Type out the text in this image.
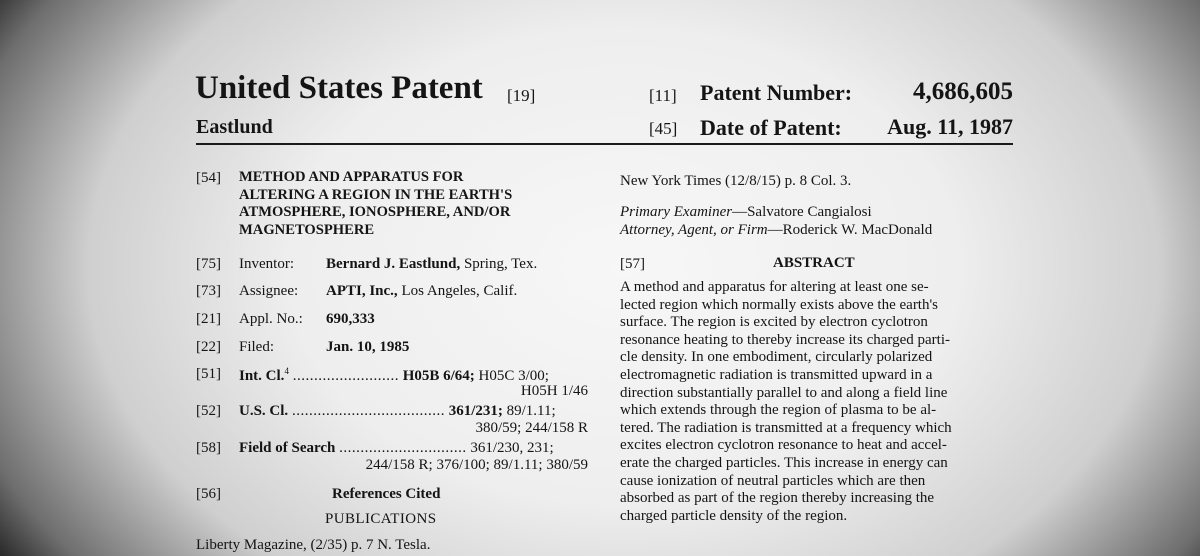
United States Patent [19]
Eastlund
[11] Patent Number:	4,686,605
[45] Date of Patent:	Aug. 11, 1987
[54] METHOD AND APPARATUS FOR
ALTERING A REGION IN THE EARTH'S
ATMOSPHERE, IONOSPHERE, AND/OR
MAGNETOSPHERE
[75] Inventor: Bernard J. Eastlund, Spring, Tex.
[73] Assignee: APTI, Inc., Los Angeles, Calif.
[21] Appl. No.: 690,333
[22] Filed:	Jan. 10, 1985
[51] Int. Cl.$^4$ ......................... H05B 6/64; H05C 3/00;
H05H 1/46
[52] U.S. Cl. .................................... 361/231; 89/1.11;
380/59; 244/158 R
[58] Field of Search .............................. 361/230, 231;
244/158 R; 376/100; 89/1.11; 380/59
[56]	References Cited
PUBLICATIONS
Liberty Magazine, (2/35) p. 7 N. Tesla.
New York Times (12/8/15) p. 8 Col. 3.
Primary Examiner—Salvatore Cangialosi
Attorney, Agent, or Firm—Roderick W. MacDonald
[57]	ABSTRACT
A method and apparatus for altering at least one se-
lected region which normally exists above the earth's
surface. The region is excited by electron cyclotron
resonance heating to thereby increase its charged parti-
cle density. In one embodiment, circularly polarized
electromagnetic radiation is transmitted upward in a
direction substantially parallel to and along a field line
which extends through the region of plasma to be al-
tered. The radiation is transmitted at a frequency which
excites electron cyclotron resonance to heat and accel-
erate the charged particles. This increase in energy can
cause ionization of neutral particles which are then
absorbed as part of the region thereby increasing the
charged particle density of the region.
